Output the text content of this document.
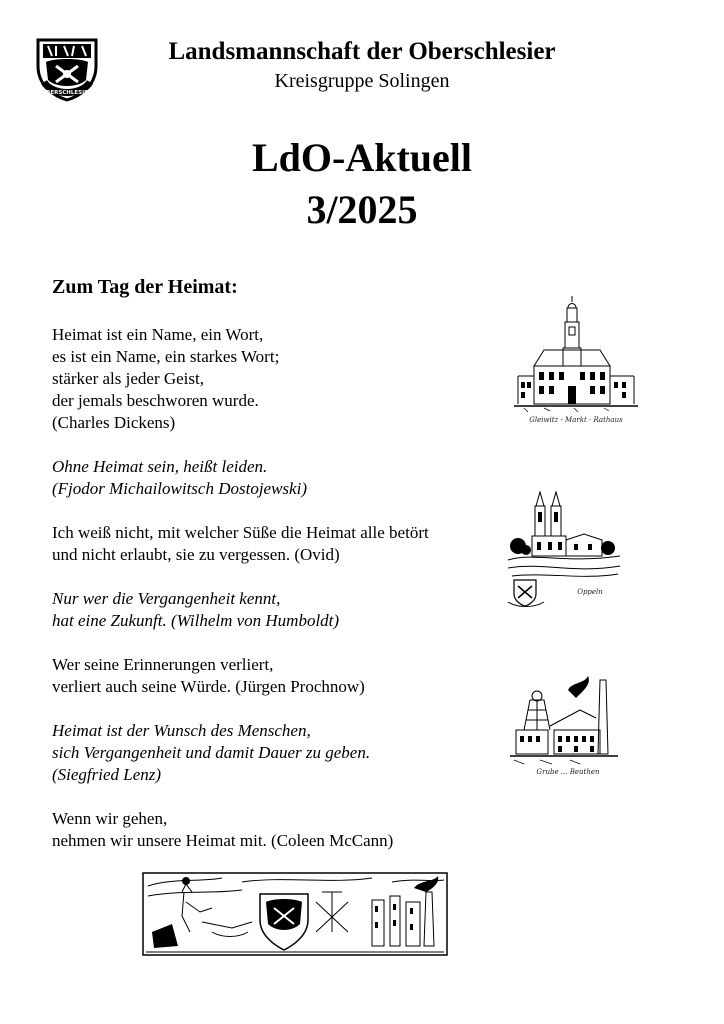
OBERSCHLESIEN
Landsmannschaft der Oberschlesier
Kreisgruppe Solingen
LdO-Aktuell
3/2025
Zum Tag der Heimat:
Heimat ist ein Name, ein Wort,
es ist ein Name, ein starkes Wort;
stärker als jeder Geist,
der jemals beschworen wurde.
(Charles Dickens)
Ohne Heimat sein, heißt leiden.
(Fjodor Michailowitsch Dostojewski)
Ich weiß nicht, mit welcher Süße die Heimat alle betört
und nicht erlaubt, sie zu vergessen. (Ovid)
Nur wer die Vergangenheit kennt,
hat eine Zukunft. (Wilhelm von Humboldt)
Wer seine Erinnerungen verliert,
verliert auch seine Würde. (Jürgen Prochnow)
Heimat ist der Wunsch des Menschen,
sich Vergangenheit und damit Dauer zu geben.
(Siegfried Lenz)
Wenn wir gehen,
nehmen wir unsere Heimat mit. (Coleen McCann)
Gleiwitz - Markt · Rathaus
Oppeln
Grube ... Beuthen
